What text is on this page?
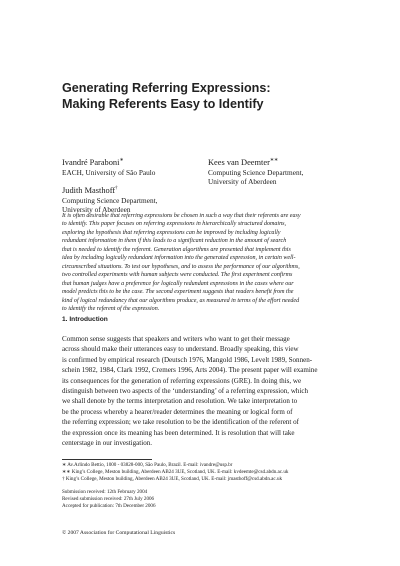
Generating Referring Expressions:
Making Referents Easy to Identify
Ivandré Paraboni∗
EACH, University of São Paulo
Kees van Deemter∗∗
Computing Science Department,
University of Aberdeen
Judith Masthoff†
Computing Science Department,
University of Aberdeen
It is often desirable that referring expressions be chosen in such a way that their referents are easy
to identify. This paper focuses on referring expressions in hierarchically structured domains,
exploring the hypothesis that referring expressions can be improved by including logically
redundant information in them if this leads to a significant reduction in the amount of search
that is needed to identify the referent. Generation algorithms are presented that implement this
idea by including logically redundant information into the generated expression, in certain well-
circumscribed situations. To test our hypotheses, and to assess the performance of our algorithms,
two controlled experiments with human subjects were conducted. The first experiment confirms
that human judges have a preference for logically redundant expressions in the cases where our
model predicts this to be the case. The second experiment suggests that readers benefit from the
kind of logical redundancy that our algorithms produce, as measured in terms of the effort needed
to identify the referent of the expression.
1. Introduction
Common sense suggests that speakers and writers who want to get their message
across should make their utterances easy to understand. Broadly speaking, this view
is confirmed by empirical research (Deutsch 1976, Mangold 1986, Levelt 1989, Sonnen-
schein 1982, 1984, Clark 1992, Cremers 1996, Arts 2004). The present paper will examine
its consequences for the generation of referring expressions (GRE). In doing this, we
distinguish between two aspects of the ‘understanding’ of a referring expression, which
we shall denote by the terms interpretation and resolution. We take interpretation to
be the process whereby a hearer/reader determines the meaning or logical form of
the referring expression; we take resolution to be the identification of the referent of
the expression once its meaning has been determined. It is resolution that will take
centerstage in our investigation.
∗ Av.Arlindo Bettio, 1000 - 03828-000, São Paulo, Brazil. E-mail: ivandre@usp.br
∗∗ King’s College, Meston building, Aberdeen AB24 3UE, Scotland, UK. E-mail: kvdeemte@csd.abdn.ac.uk
† King’s College, Meston building, Aberdeen AB24 3UE, Scotland, UK. E-mail: jmasthoff@csd.abdn.ac.uk
Submission received: 12th February 2004
Revised submission received: 27th July 2006
Accepted for publication: 7th December 2006
© 2007 Association for Computational Linguistics
